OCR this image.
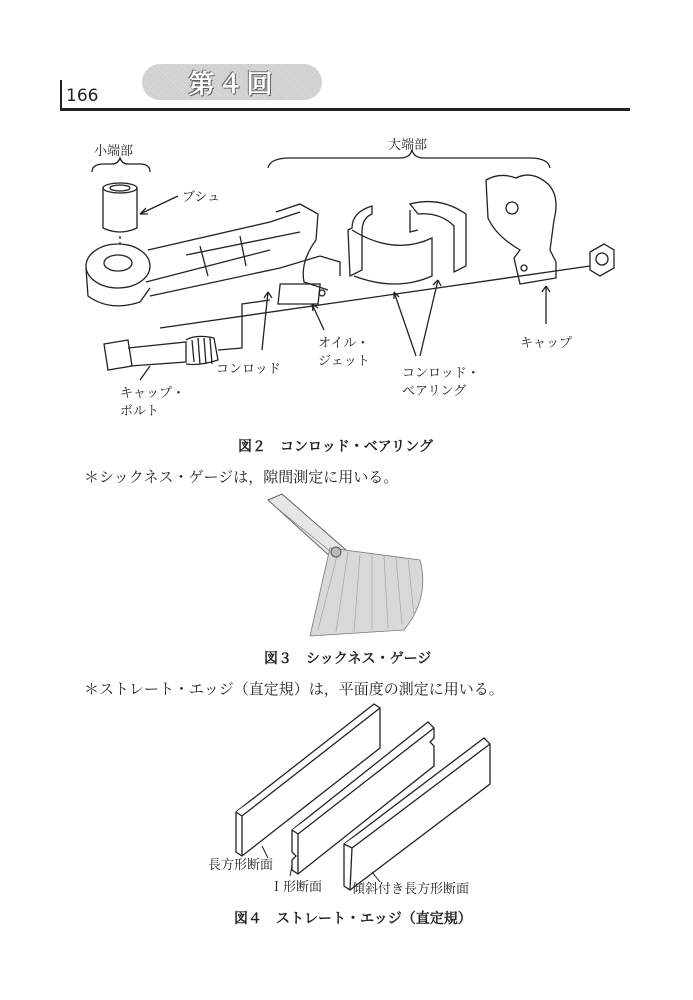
166	第４回
小端部	大端部
ブシュ
オイル・
ジェット
コンロッド	コンロッド・
ベアリング
キャップ
キャップ・
ボルト
図２　コンロッド・ベアリング
＊シックネス・ゲージは，隙間測定に用いる。
図３　シックネス・ゲージ
＊ストレート・エッジ（直定規）は，平面度の測定に用いる。
長方形断面
Ｉ形断面 傾斜付き長方形断面
図４　ストレート・エッジ（直定規）
